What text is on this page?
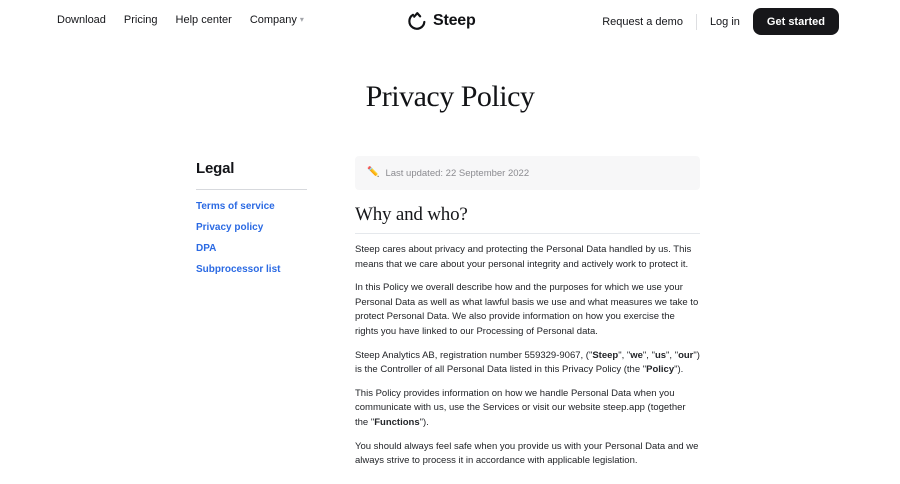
Download Pricing Help center Company ▾	Steep	Request a demo Log in	Get started
Privacy Policy
Legal
Terms of service
Privacy policy
DPA
Subprocessor list
✏️ Last updated: 22 September 2022
Why and who?

Steep cares about privacy and protecting the Personal Data handled by us. This means that we care about your personal integrity and actively work to protect it.

In this Policy we overall describe how and the purposes for which we use your Personal Data as well as what lawful basis we use and what measures we take to protect Personal Data. We also provide information on how you exercise the rights you have linked to our Processing of Personal data.

Steep Analytics AB, registration number 559329-9067, ("Steep", "we", "us", "our") is the Controller of all Personal Data listed in this Privacy Policy (the "Policy").

This Policy provides information on how we handle Personal Data when you communicate with us, use the Services or visit our website steep.app (together the "Functions").

You should always feel safe when you provide us with your Personal Data and we always strive to process it in accordance with applicable legislation.
